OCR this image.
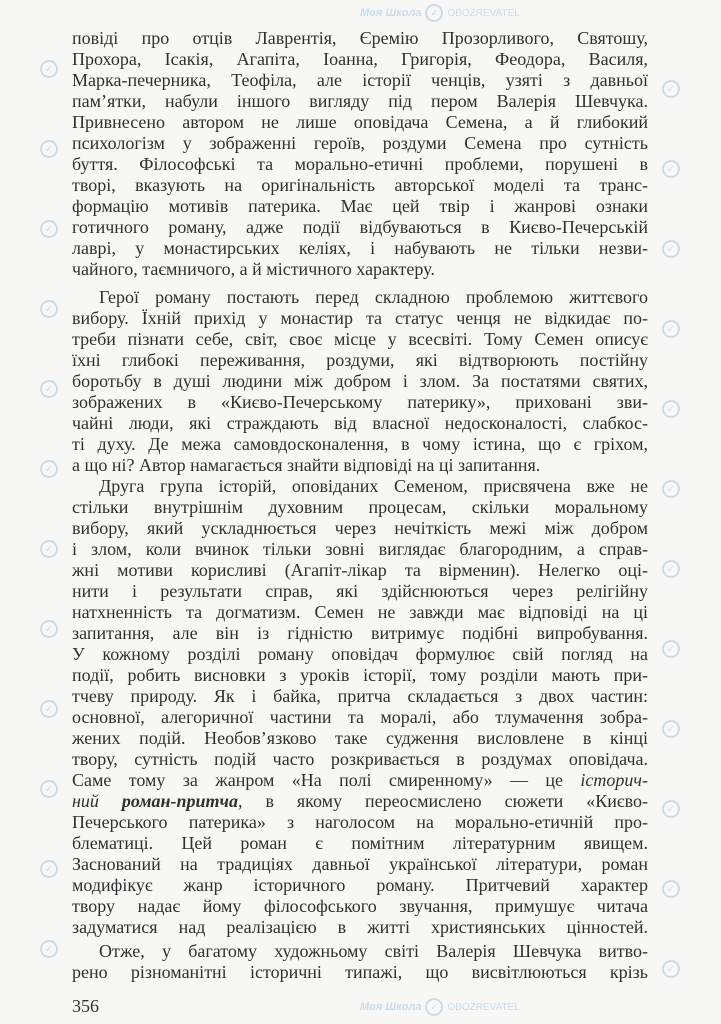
Моя Школа ✓ OBOZREVATEL
Моя Школа ✓ OBOZREVATEL
✓
✓
✓
✓
✓
✓
✓
✓
✓
✓
✓
✓
✓
✓
✓
✓
✓
✓
✓
✓
✓
✓
✓
✓
повіді про отців Лаврентія, Єремію Прозорливого, Святошу,
Прохора, Ісакія, Агапіта, Іоанна, Григорія, Феодора, Василя,
Марка-печерника, Теофіла, але історії ченців, узяті з давньої
пам’ятки, набули іншого вигляду під пером Валерія Шевчука.
Привнесено автором не лише оповідача Семена, а й глибокий
психологізм у зображенні героїв, роздуми Семена про сутність
буття. Філософські та морально-етичні проблеми, порушені в
творі, вказують на оригінальність авторської моделі та транс-
формацію мотивів патерика. Має цей твір і жанрові ознаки
готичного роману, адже події відбуваються в Києво-Печерській
лаврі, у монастирських келіях, і набувають не тільки незви-
чайного, таємничого, а й містичного характеру.
Герої роману постають перед складною проблемою життєвого
вибору. Їхній прихід у монастир та статус ченця не відкидає по-
треби пізнати себе, світ, своє місце у всесвіті. Тому Семен описує
їхні глибокі переживання, роздуми, які відтворюють постійну
боротьбу в душі людини між добром і злом. За постатями святих,
зображених в «Києво-Печерському патерику», приховані зви-
чайні люди, які страждають від власної недосконалості, слабкос-
ті духу. Де межа самовдосконалення, в чому істина, що є гріхом,
а що ні? Автор намагається знайти відповіді на ці запитання.
Друга група історій, оповіданих Семеном, присвячена вже не
стільки внутрішнім духовним процесам, скільки моральному
вибору, який ускладнюється через нечіткість межі між добром
і злом, коли вчинок тільки зовні виглядає благородним, а справ-
жні мотиви корисливі (Агапіт-лікар та вірменин). Нелегко оці-
нити і результати справ, які здійснюються через релігійну
натхненність та догматизм. Семен не завжди має відповіді на ці
запитання, але він із гідністю витримує подібні випробування.
У кожному розділі роману оповідач формулює свій погляд на
події, робить висновки з уроків історії, тому розділи мають при-
тчеву природу. Як і байка, притча складається з двох частин:
основної, алегоричної частини та моралі, або тлумачення зобра-
жених подій. Необов’язково таке судження висловлене в кінці
твору, сутність подій часто розкривається в роздумах оповідача.
Саме тому за жанром «На полі смиренному» — це історич-
ний роман-притча, в якому переосмислено сюжети «Києво-
Печерського патерика» з наголосом на морально-етичній про-
блематиці. Цей роман є помітним літературним явищем.
Заснований на традиціях давньої української літератури, роман
модифікує жанр історичного роману. Притчевий характер
твору надає йому філософського звучання, примушує читача
задуматися над реалізацією в житті християнських цінностей.
Отже, у багатому художньому світі Валерія Шевчука витво-
рено різноманітні історичні типажі, що висвітлюються крізь
356
